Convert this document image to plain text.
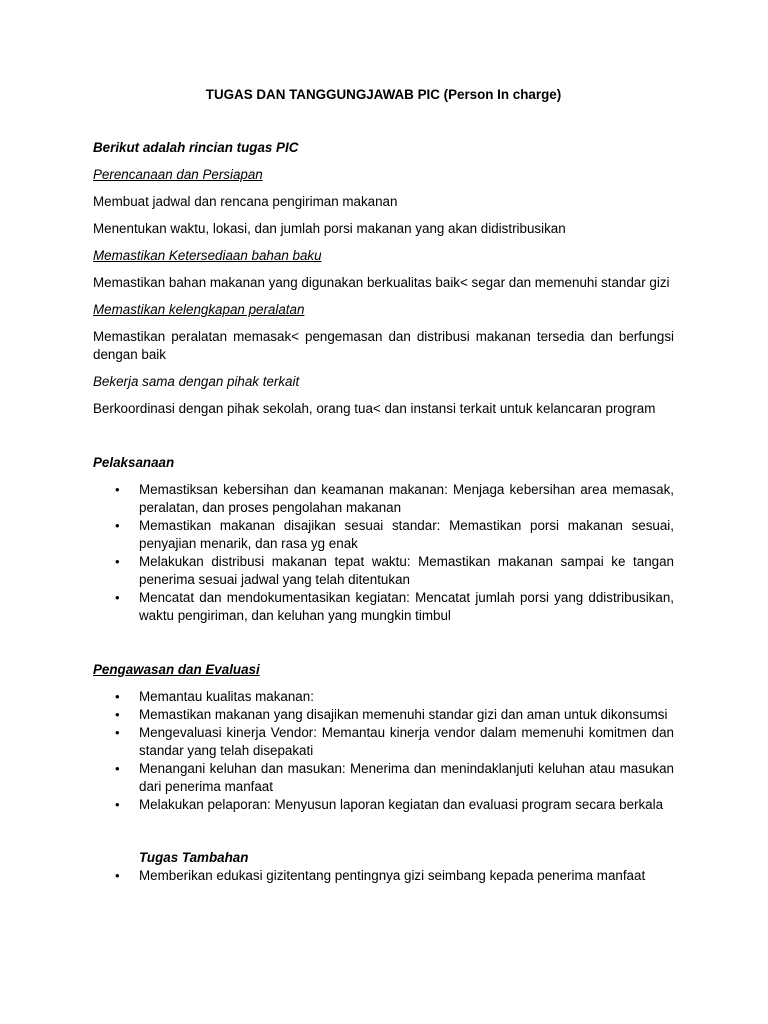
TUGAS DAN TANGGUNGJAWAB PIC (Person In charge)

Berikut adalah rincian tugas PIC

Perencanaan dan Persiapan

Membuat jadwal dan rencana pengiriman makanan

Menentukan waktu, lokasi, dan jumlah porsi makanan yang akan didistribusikan

Memastikan Ketersediaan bahan baku

Memastikan bahan makanan yang digunakan berkualitas baik< segar dan memenuhi standar gizi

Memastikan kelengkapan peralatan

Memastikan peralatan memasak< pengemasan dan distribusi makanan tersedia dan berfungsi dengan baik

Bekerja sama dengan pihak terkait

Berkoordinasi dengan pihak sekolah, orang tua< dan instansi terkait untuk kelancaran program

Pelaksanaan

• Memastiksan kebersihan dan keamanan makanan: Menjaga kebersihan area memasak, peralatan, dan proses pengolahan makanan
• Memastikan makanan disajikan sesuai standar: Memastikan porsi makanan sesuai, penyajian menarik, dan rasa yg enak
• Melakukan distribusi makanan tepat waktu: Memastikan makanan sampai ke tangan penerima sesuai jadwal yang telah ditentukan
• Mencatat dan mendokumentasikan kegiatan: Mencatat jumlah porsi yang ddistribusikan, waktu pengiriman, dan keluhan yang mungkin timbul

Pengawasan dan Evaluasi

• Memantau kualitas makanan:
• Memastikan makanan yang disajikan memenuhi standar gizi dan aman untuk dikonsumsi
• Mengevaluasi kinerja Vendor: Memantau kinerja vendor dalam memenuhi komitmen dan standar yang telah disepakati
• Menangani keluhan dan masukan: Menerima dan menindaklanjuti keluhan atau masukan dari penerima manfaat
• Melakukan pelaporan: Menyusun laporan kegiatan dan evaluasi program secara berkala

Tugas Tambahan

• Memberikan edukasi gizitentang pentingnya gizi seimbang kepada penerima manfaat
